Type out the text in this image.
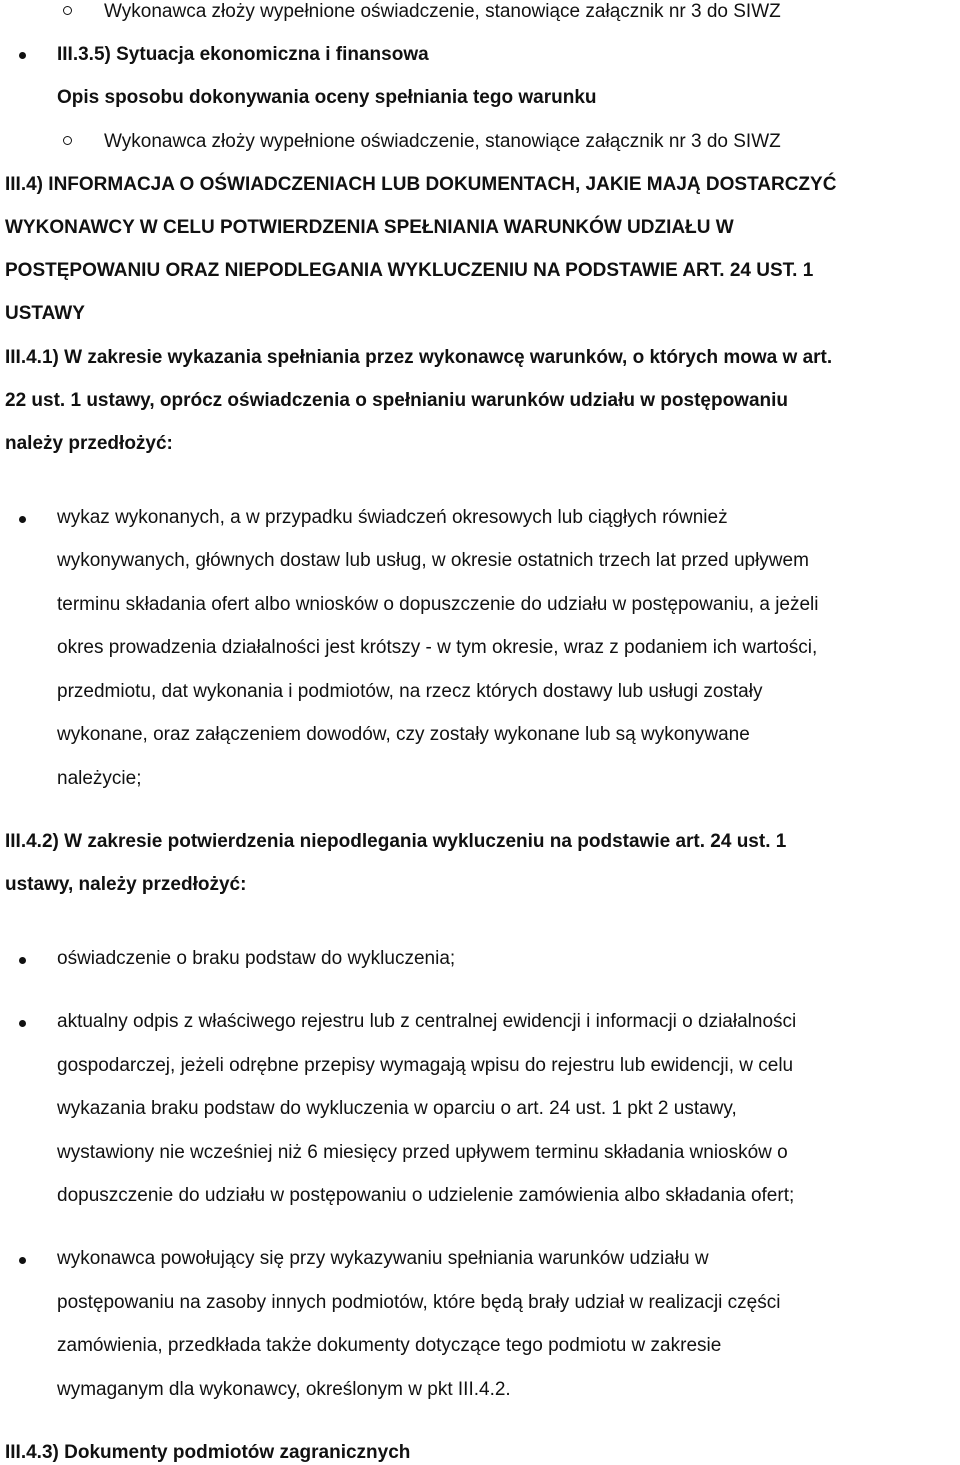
Wykonawca złoży wypełnione oświadczenie, stanowiące załącznik nr 3 do SIWZ
III.3.5) Sytuacja ekonomiczna i finansowa
Opis sposobu dokonywania oceny spełniania tego warunku
Wykonawca złoży wypełnione oświadczenie, stanowiące załącznik nr 3 do SIWZ
III.4) INFORMACJA O OŚWIADCZENIACH LUB DOKUMENTACH, JAKIE MAJĄ DOSTARCZYĆ
WYKONAWCY W CELU POTWIERDZENIA SPEŁNIANIA WARUNKÓW UDZIAŁU W
POSTĘPOWANIU ORAZ NIEPODLEGANIA WYKLUCZENIU NA PODSTAWIE ART. 24 UST. 1
USTAWY
III.4.1) W zakresie wykazania spełniania przez wykonawcę warunków, o których mowa w art.
22 ust. 1 ustawy, oprócz oświadczenia o spełnianiu warunków udziału w postępowaniu
należy przedłożyć:
wykaz wykonanych, a w przypadku świadczeń okresowych lub ciągłych również
wykonywanych, głównych dostaw lub usług, w okresie ostatnich trzech lat przed upływem
terminu składania ofert albo wniosków o dopuszczenie do udziału w postępowaniu, a jeżeli
okres prowadzenia działalności jest krótszy - w tym okresie, wraz z podaniem ich wartości,
przedmiotu, dat wykonania i podmiotów, na rzecz których dostawy lub usługi zostały
wykonane, oraz załączeniem dowodów, czy zostały wykonane lub są wykonywane
należycie;
III.4.2) W zakresie potwierdzenia niepodlegania wykluczeniu na podstawie art. 24 ust. 1
ustawy, należy przedłożyć:
oświadczenie o braku podstaw do wykluczenia;
aktualny odpis z właściwego rejestru lub z centralnej ewidencji i informacji o działalności
gospodarczej, jeżeli odrębne przepisy wymagają wpisu do rejestru lub ewidencji, w celu
wykazania braku podstaw do wykluczenia w oparciu o art. 24 ust. 1 pkt 2 ustawy,
wystawiony nie wcześniej niż 6 miesięcy przed upływem terminu składania wniosków o
dopuszczenie do udziału w postępowaniu o udzielenie zamówienia albo składania ofert;
wykonawca powołujący się przy wykazywaniu spełniania warunków udziału w
postępowaniu na zasoby innych podmiotów, które będą brały udział w realizacji części
zamówienia, przedkłada także dokumenty dotyczące tego podmiotu w zakresie
wymaganym dla wykonawcy, określonym w pkt III.4.2.
III.4.3) Dokumenty podmiotów zagranicznych
